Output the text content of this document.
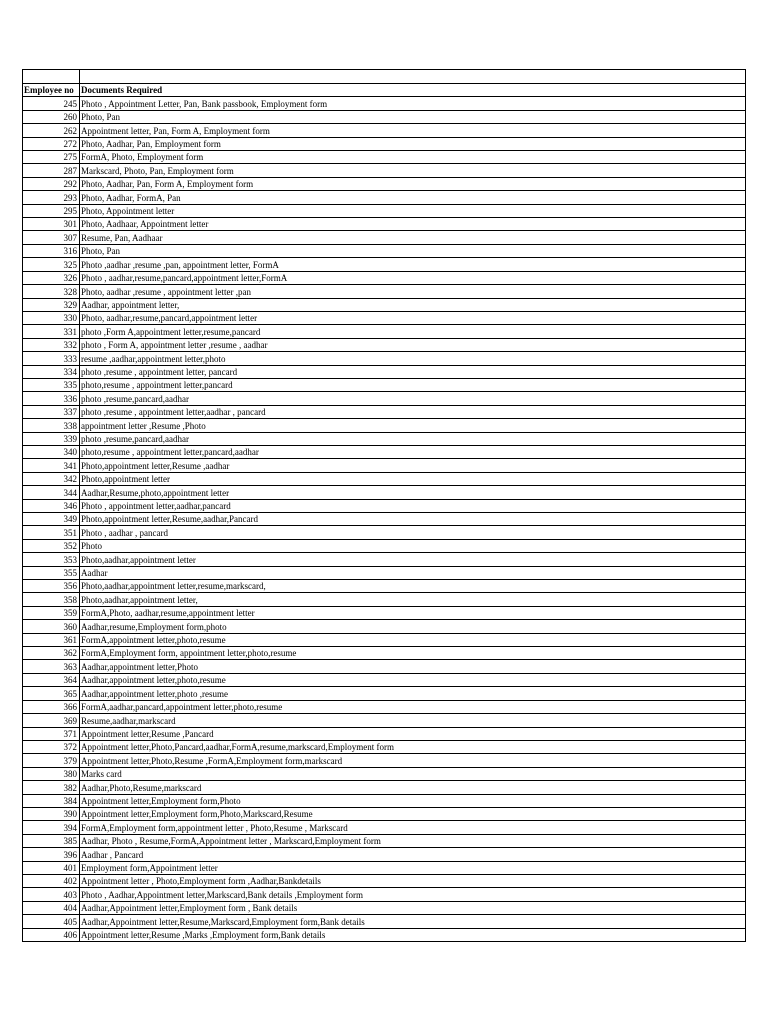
Employee no	Documents Required
245	Photo , Appointment Letter, Pan, Bank passbook, Employment form
260	Photo, Pan
262	Appointment letter, Pan, Form A, Employment form
272	Photo, Aadhar, Pan, Employment form
275	FormA, Photo, Employment form
287	Markscard, Photo, Pan, Employment form
292	Photo, Aadhar, Pan, Form A, Employment form
293	Photo, Aadhar, FormA, Pan
295	Photo, Appointment letter
301	Photo, Aadhaar, Appointment letter
307	Resume, Pan, Aadhaar
316	Photo, Pan
325	Photo ,aadhar ,resume ,pan, appointment letter, FormA
326	Photo , aadhar,resume,pancard,appointment letter,FormA
328	Photo, aadhar ,resume , appointment letter ,pan
329	Aadhar, appointment letter,
330	Photo, aadhar,resume,pancard,appointment letter
331	photo ,Form A,appointment letter,resume,pancard
332	photo , Form A, appointment letter ,resume , aadhar
333	resume ,aadhar,appointment letter,photo
334	photo ,resume , appointment letter, pancard
335	photo,resume , appointment letter,pancard
336	photo ,resume,pancard,aadhar
337	photo ,resume , appointment letter,aadhar , pancard
338	appointment letter ,Resume ,Photo
339	photo ,resume,pancard,aadhar
340	photo,resume , appointment letter,pancard,aadhar
341	Photo,appointment letter,Resume ,aadhar
342	Photo,appointment letter
344	Aadhar,Resume,photo,appointment letter
346	Photo , appointment letter,aadhar,pancard
349	Photo,appointment letter,Resume,aadhar,Pancard
351	Photo , aadhar , pancard
352	Photo
353	Photo,aadhar,appointment letter
355	Aadhar
356	Photo,aadhar,appointment letter,resume,markscard,
358	Photo,aadhar,appointment letter,
359	FormA,Photo, aadhar,resume,appointment letter
360	Aadhar,resume,Employment form,photo
361	FormA,appointment letter,photo,resume
362	FormA,Employment form, appointment letter,photo,resume
363	Aadhar,appointment letter,Photo
364	Aadhar,appointment letter,photo,resume
365	Aadhar,appointment letter,photo ,resume
366	FormA,aadhar,pancard,appointment letter,photo,resume
369	Resume,aadhar,markscard
371	Appointment letter,Resume ,Pancard
372	Appointment letter,Photo,Pancard,aadhar,FormA,resume,markscard,Employment form
379	Appointment letter,Photo,Resume ,FormA,Employment form,markscard
380	Marks card
382	Aadhar,Photo,Resume,markscard
384	Appointment letter,Employment form,Photo
390	Appointment letter,Employment form,Photo,Markscard,Resume
394	FormA,Employment form,appointment letter , Photo,Resume , Markscard
385	Aadhar, Photo , Resume,FormA,Appointment letter , Markscard,Employment form
396	Aadhar , Pancard
401	Employment form,Appointment letter
402	Appointment letter , Photo,Employment form ,Aadhar,Bankdetails
403	Photo , Aadhar,Appointment letter,Markscard,Bank details ,Employment form
404	Aadhar,Appointment letter,Employment form , Bank details
405	Aadhar,Appointment letter,Resume,Markscard,Employment form,Bank details
406	Appointment letter,Resume ,Marks ,Employment form,Bank details
